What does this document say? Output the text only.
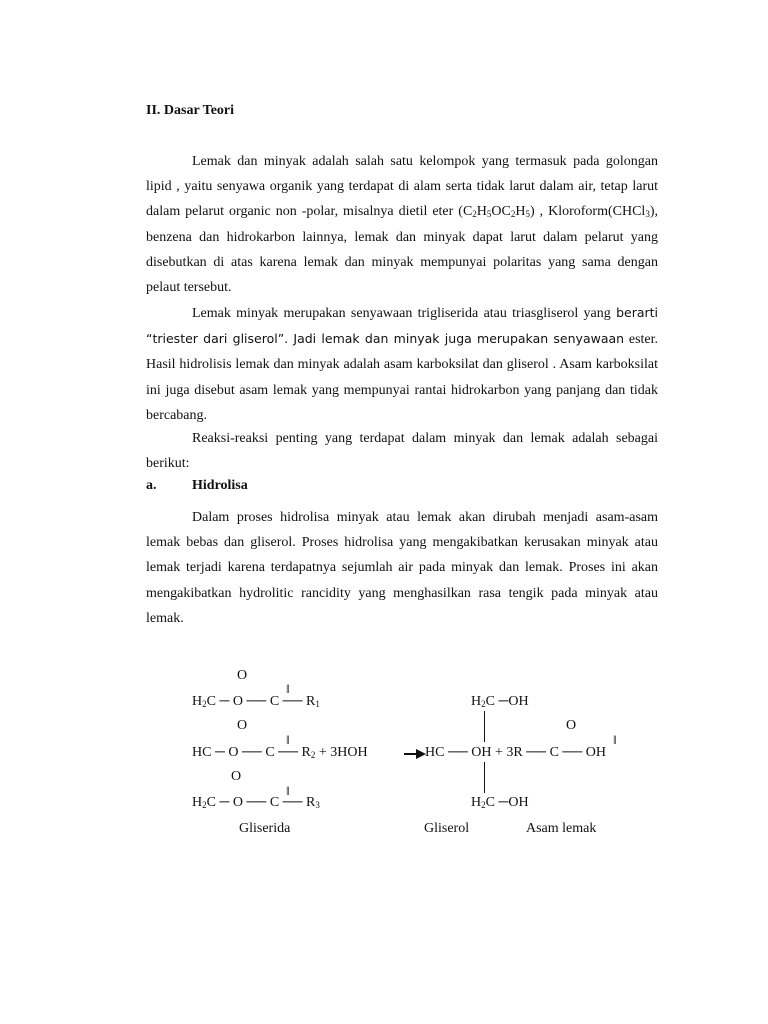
II. Dasar Teori

Lemak dan minyak adalah salah satu kelompok yang termasuk pada golongan lipid , yaitu senyawa organik yang terdapat di alam serta tidak larut dalam air, tetap larut dalam pelarut organic non -polar, misalnya dietil eter $(C_2H_5OC_2H_5)$ , Kloroform(CHCl$_3$), benzena dan hidrokarbon lainnya, lemak dan minyak dapat larut dalam pelarut yang disebutkan di atas karena lemak dan minyak mempunyai polaritas yang sama dengan pelaut tersebut.

Lemak minyak merupakan senyawaan trigliserida atau triasgliserol yang berarti “triester dari gliserol”. Jadi lemak dan minyak juga merupakan senyawaan ester. Hasil hidrolisis lemak dan minyak adalah asam karboksilat dan gliserol . Asam karboksilat ini juga disebut asam lemak yang mempunyai rantai hidrokarbon yang panjang dan tidak bercabang.

Reaksi-reaksi penting yang terdapat dalam minyak dan lemak adalah sebagai berikut:

a.	Hidrolisa

Dalam proses hidrolisa minyak atau lemak akan dirubah menjadi asam-asam lemak bebas dan gliserol. Proses hidrolisa yang mengakibatkan kerusakan minyak atau lemak terjadi karena terdapatnya sejumlah air pada minyak dan lemak. Proses ini akan mengakibatkan hydrolitic rancidity yang menghasilkan rasa tengik pada minyak atau lemak.

O
O
O
O
‖
‖
‖
‖
$H_2C$ ─ O ── C ── $R_1$
HC ─ O ── C ── $R_2 + 3HOH$ → HC ── OH + 3R ── C ── OH
$H_2C$ ─ O ── C ── $R_3$
$H_2C$ ─OH
$H_2C$ ─OH
Gliserida	Gliserol	Asam lemak
